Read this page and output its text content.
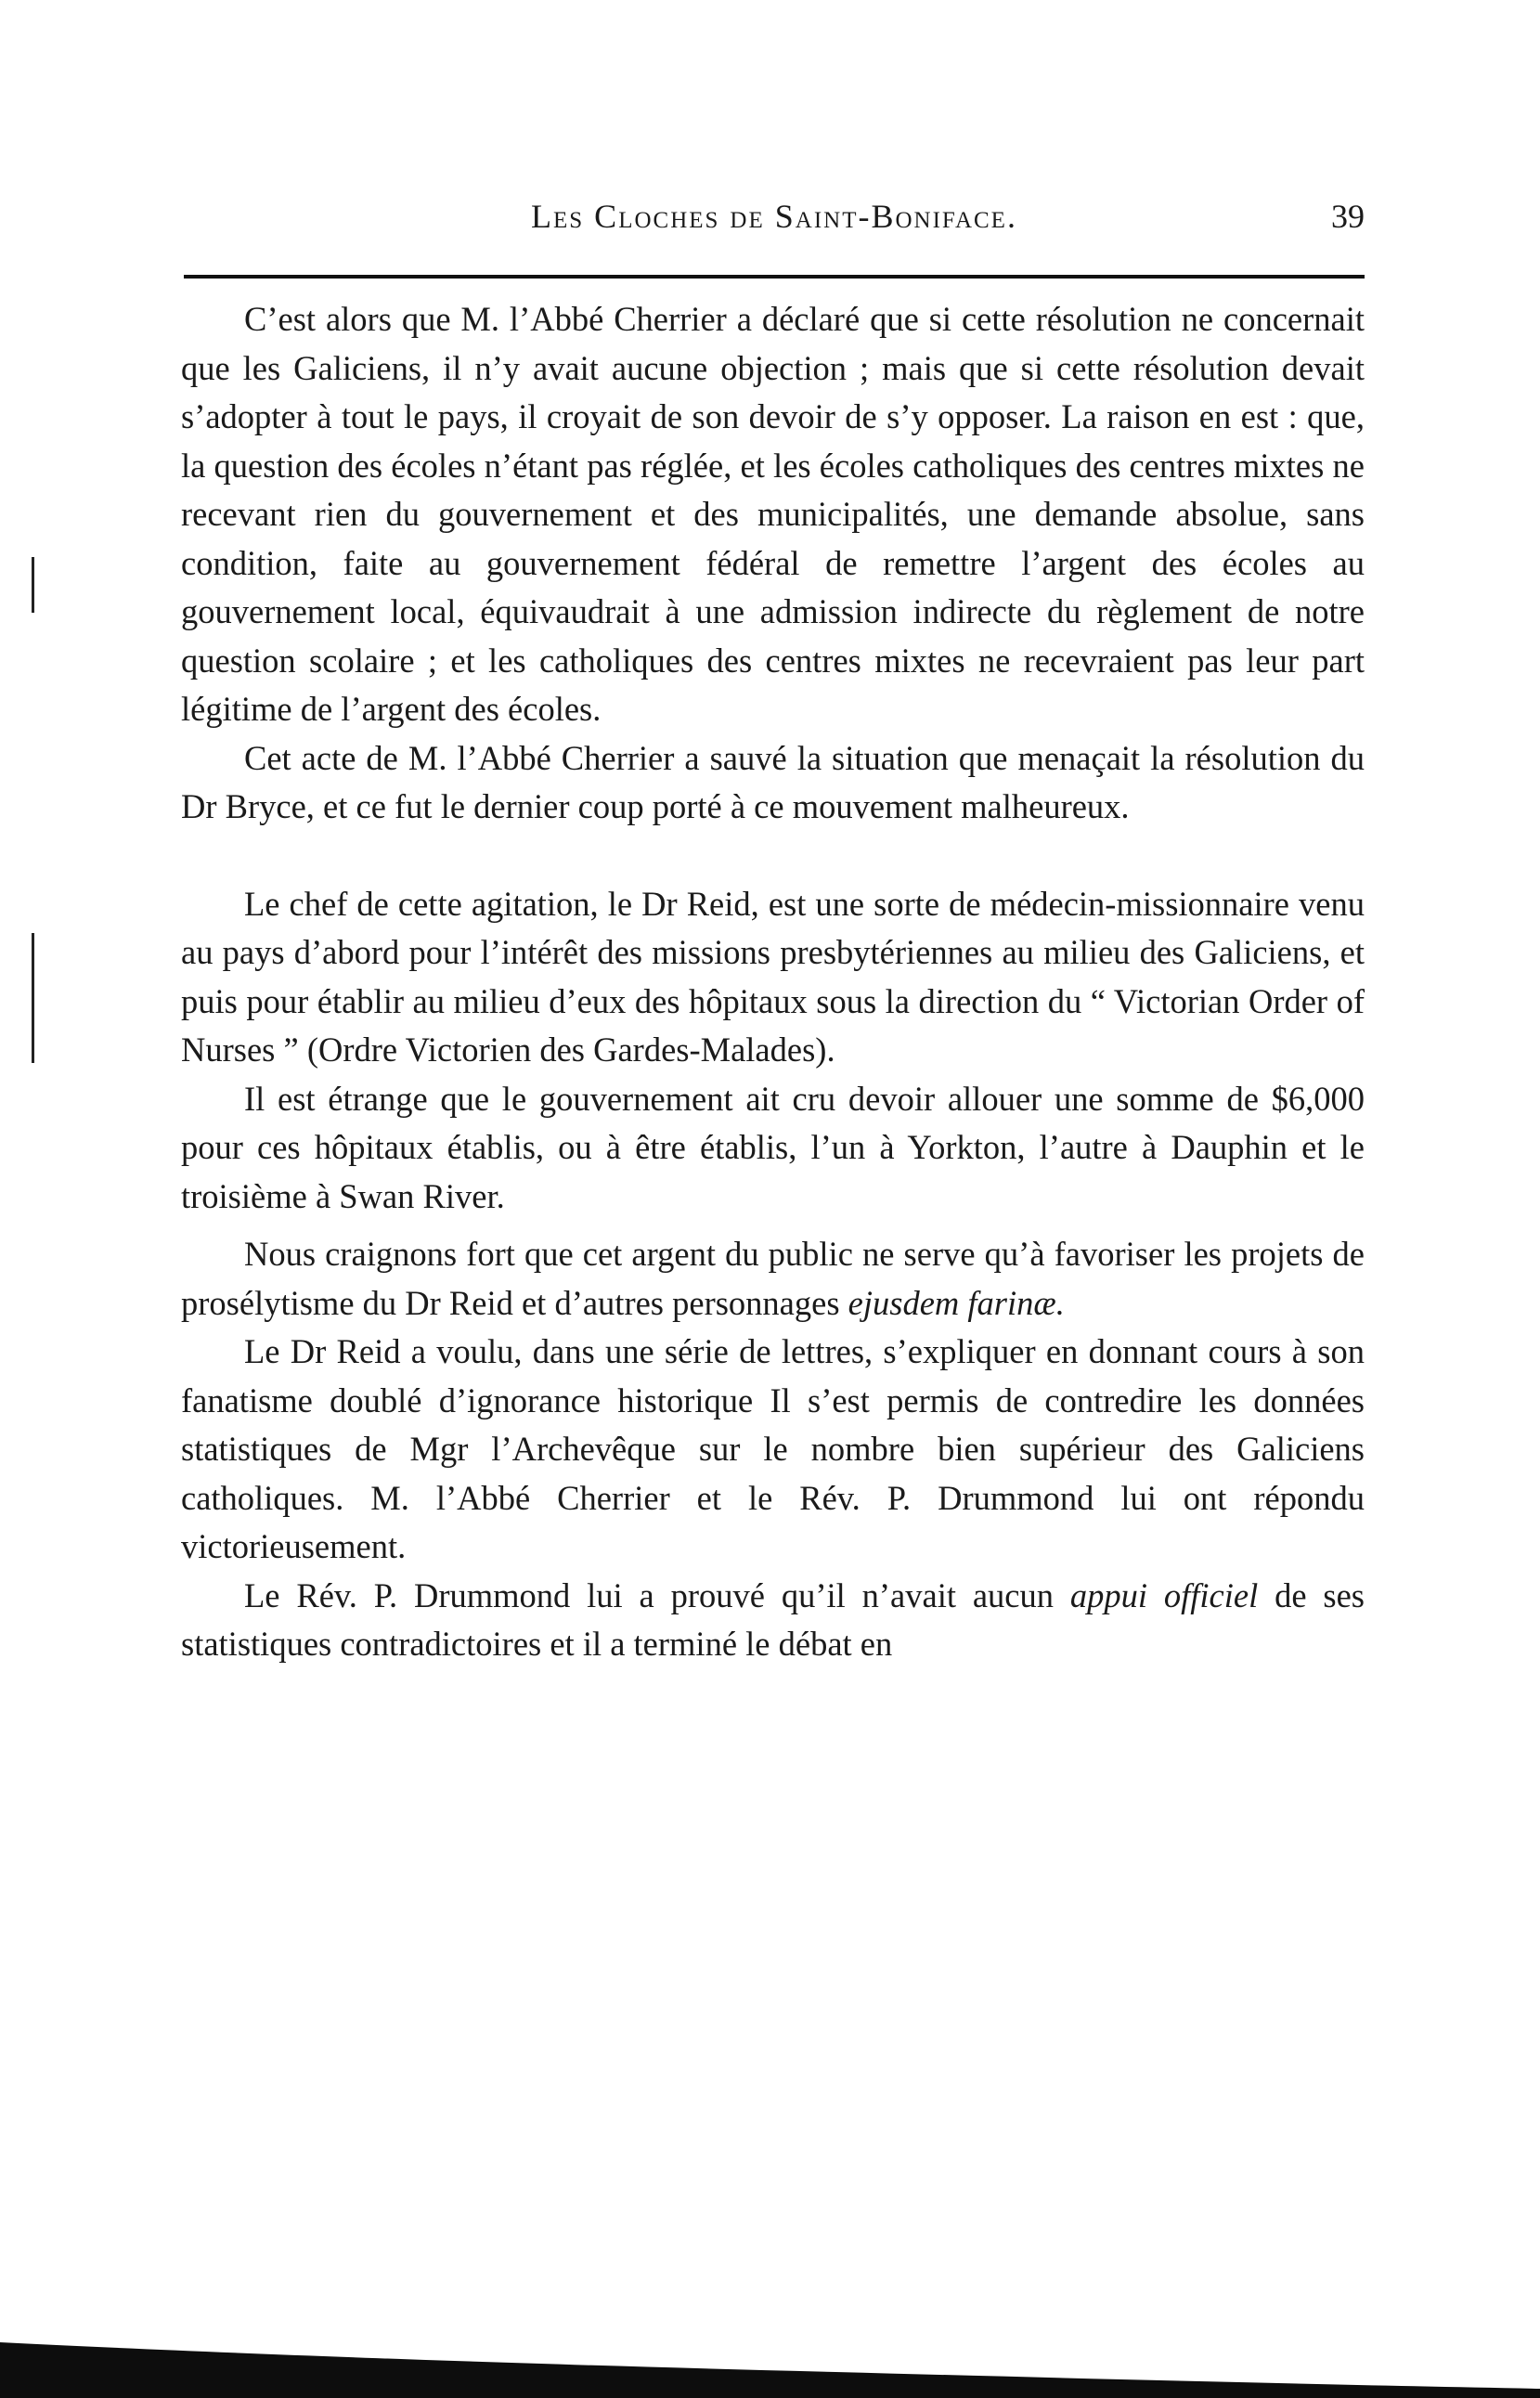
Les Cloches de Saint-Boniface.	39

C’est alors que M. l’Abbé Cherrier a déclaré que si cette résolution ne concernait que les Galiciens, il n’y avait aucune objection ; mais que si cette résolution devait s’adopter à tout le pays, il croyait de son devoir de s’y opposer. La raison en est : que, la question des écoles n’étant pas réglée, et les écoles catholiques des centres mixtes ne recevant rien du gouvernement et des municipalités, une demande absolue, sans condition, faite au gouvernement fédéral de remettre l’argent des écoles au gouvernement local, équivaudrait à une admission indirecte du règlement de notre question scolaire ; et les catholiques des centres mixtes ne recevraient pas leur part légitime de l’argent des écoles.

Cet acte de M. l’Abbé Cherrier a sauvé la situation que menaçait la résolution du Dr Bryce, et ce fut le dernier coup porté à ce mouvement malheureux.

Le chef de cette agitation, le Dr Reid, est une sorte de médecin-missionnaire venu au pays d’abord pour l’intérêt des missions presbytériennes au milieu des Galiciens, et puis pour établir au milieu d’eux des hôpitaux sous la direction du “ Victorian Order of Nurses ” (Ordre Victorien des Gardes-Malades).

Il est étrange que le gouvernement ait cru devoir allouer une somme de $6,000 pour ces hôpitaux établis, ou à être établis, l’un à Yorkton, l’autre à Dauphin et le troisième à Swan River.

Nous craignons fort que cet argent du public ne serve qu’à favoriser les projets de prosélytisme du Dr Reid et d’autres personnages ejusdem farinæ.

Le Dr Reid a voulu, dans une série de lettres, s’expliquer en donnant cours à son fanatisme doublé d’ignorance historique Il s’est permis de contredire les données statistiques de Mgr l’Archevêque sur le nombre bien supérieur des Galiciens catholiques. M. l’Abbé Cherrier et le Rév. P. Drummond lui ont répondu victorieusement.

Le Rév. P. Drummond lui a prouvé qu’il n’avait aucun appui officiel de ses statistiques contradictoires et il a terminé le débat en
